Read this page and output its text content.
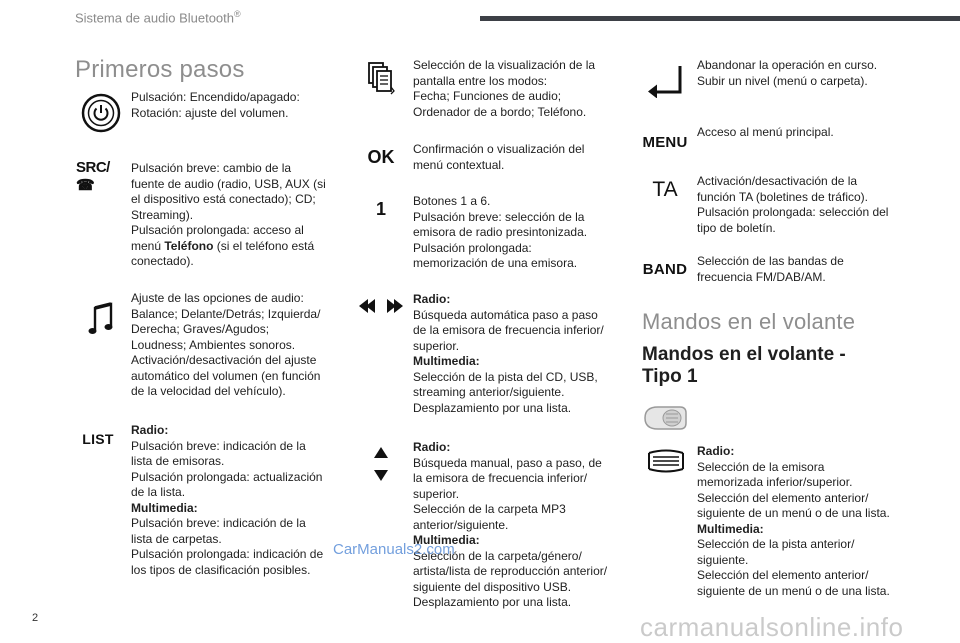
Sistema de audio Bluetooth®
Primeros pasos

Pulsación: Encendido/apagado:

Rotación: ajuste del volumen.

SRC/☎

Pulsación breve: cambio de la

fuente de audio (radio, USB, AUX (si

el dispositivo está conectado); CD;

Streaming).

Pulsación prolongada: acceso al

menú Teléfono (si el teléfono está

conectado).

Ajuste de las opciones de audio:

Balance; Delante/Detrás; Izquierda/

Derecha; Graves/Agudos;

Loudness; Ambientes sonoros.

Activación/desactivación del ajuste

automático del volumen (en función

de la velocidad del vehículo).

LIST

Radio:

Pulsación breve: indicación de la

lista de emisoras.

Pulsación prolongada: actualización

de la lista.

Multimedia:

Pulsación breve: indicación de la

lista de carpetas.

Pulsación prolongada: indicación de

los tipos de clasificación posibles.

Selección de la visualización de la

pantalla entre los modos:

Fecha; Funciones de audio;

Ordenador de a bordo; Teléfono.

OK Confirmación o visualización del

menú contextual.

1 Botones 1 a 6.

Pulsación breve: selección de la

emisora de radio presintonizada.

Pulsación prolongada:

memorización de una emisora.

Radio:

Búsqueda automática paso a paso

de la emisora de frecuencia inferior/

superior.

Multimedia:

Selección de la pista del CD, USB,

streaming anterior/siguiente.

Desplazamiento por una lista.

Radio:

Búsqueda manual, paso a paso, de

la emisora de frecuencia inferior/

superior.

Selección de la carpeta MP3

anterior/siguiente.

Multimedia:

Selección de la carpeta/género/

artista/lista de reproducción anterior/

siguiente del dispositivo USB.

Desplazamiento por una lista.

Abandonar la operación en curso.

Subir un nivel (menú o carpeta).

MENU

Acceso al menú principal.

TA Activación/desactivación de la

función TA (boletines de tráfico).

Pulsación prolongada: selección del

tipo de boletín.

BAND Selección de las bandas de

frecuencia FM/DAB/AM.

Mandos en el volante
Mandos en el volante -
Tipo 1

Radio:

Selección de la emisora

memorizada inferior/superior.

Selección del elemento anterior/

siguiente de un menú o de una lista.

Multimedia:

Selección de la pista anterior/

siguiente.

Selección del elemento anterior/

siguiente de un menú o de una lista.

2
CarManuals2.com
carmanualsonline.info
